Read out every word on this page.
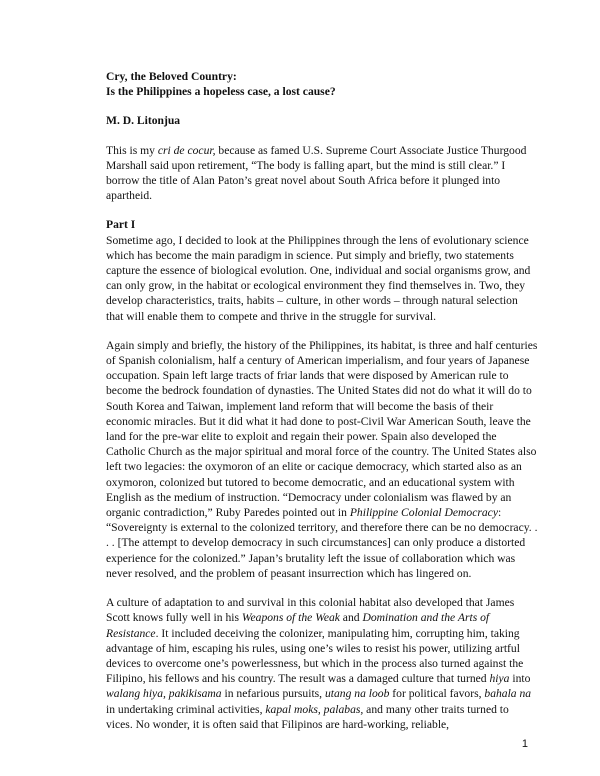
Cry, the Beloved Country:

Is the Philippines a hopeless case, a lost cause?

M. D. Litonjua

This is my cri de cocur, because as famed U.S. Supreme Court Associate Justice Thurgood Marshall said upon retirement, “The body is falling apart, but the mind is still clear.” I borrow the title of Alan Paton’s great novel about South Africa before it plunged into apartheid.

Part I

Sometime ago, I decided to look at the Philippines through the lens of evolutionary science which has become the main paradigm in science. Put simply and briefly, two statements capture the essence of biological evolution. One, individual and social organisms grow, and can only grow, in the habitat or ecological environment they find themselves in. Two, they develop characteristics, traits, habits – culture, in other words – through natural selection that will enable them to compete and thrive in the struggle for survival.

Again simply and briefly, the history of the Philippines, its habitat, is three and half centuries of Spanish colonialism, half a century of American imperialism, and four years of Japanese occupation. Spain left large tracts of friar lands that were disposed by American rule to become the bedrock foundation of dynasties. The United States did not do what it will do to South Korea and Taiwan, implement land reform that will become the basis of their economic miracles. But it did what it had done to post-Civil War American South, leave the land for the pre-war elite to exploit and regain their power. Spain also developed the Catholic Church as the major spiritual and moral force of the country. The United States also left two legacies: the oxymoron of an elite or cacique democracy, which started also as an oxymoron, colonized but tutored to become democratic, and an educational system with English as the medium of instruction. “Democracy under colonialism was flawed by an organic contradiction,” Ruby Paredes pointed out in Philippine Colonial Democracy: “Sovereignty is external to the colonized territory, and therefore there can be no democracy. . . . [The attempt to develop democracy in such circumstances] can only produce a distorted experience for the colonized.” Japan’s brutality left the issue of collaboration which was never resolved, and the problem of peasant insurrection which has lingered on.

A culture of adaptation to and survival in this colonial habitat also developed that James Scott knows fully well in his Weapons of the Weak and Domination and the Arts of Resistance. It included deceiving the colonizer, manipulating him, corrupting him, taking advantage of him, escaping his rules, using one’s wiles to resist his power, utilizing artful devices to overcome one’s powerlessness, but which in the process also turned against the Filipino, his fellows and his country. The result was a damaged culture that turned hiya into walang hiya, pakikisama in nefarious pursuits, utang na loob for political favors, bahala na in undertaking criminal activities, kapal moks, palabas, and many other traits turned to vices. No wonder, it is often said that Filipinos are hard-working, reliable,

1
